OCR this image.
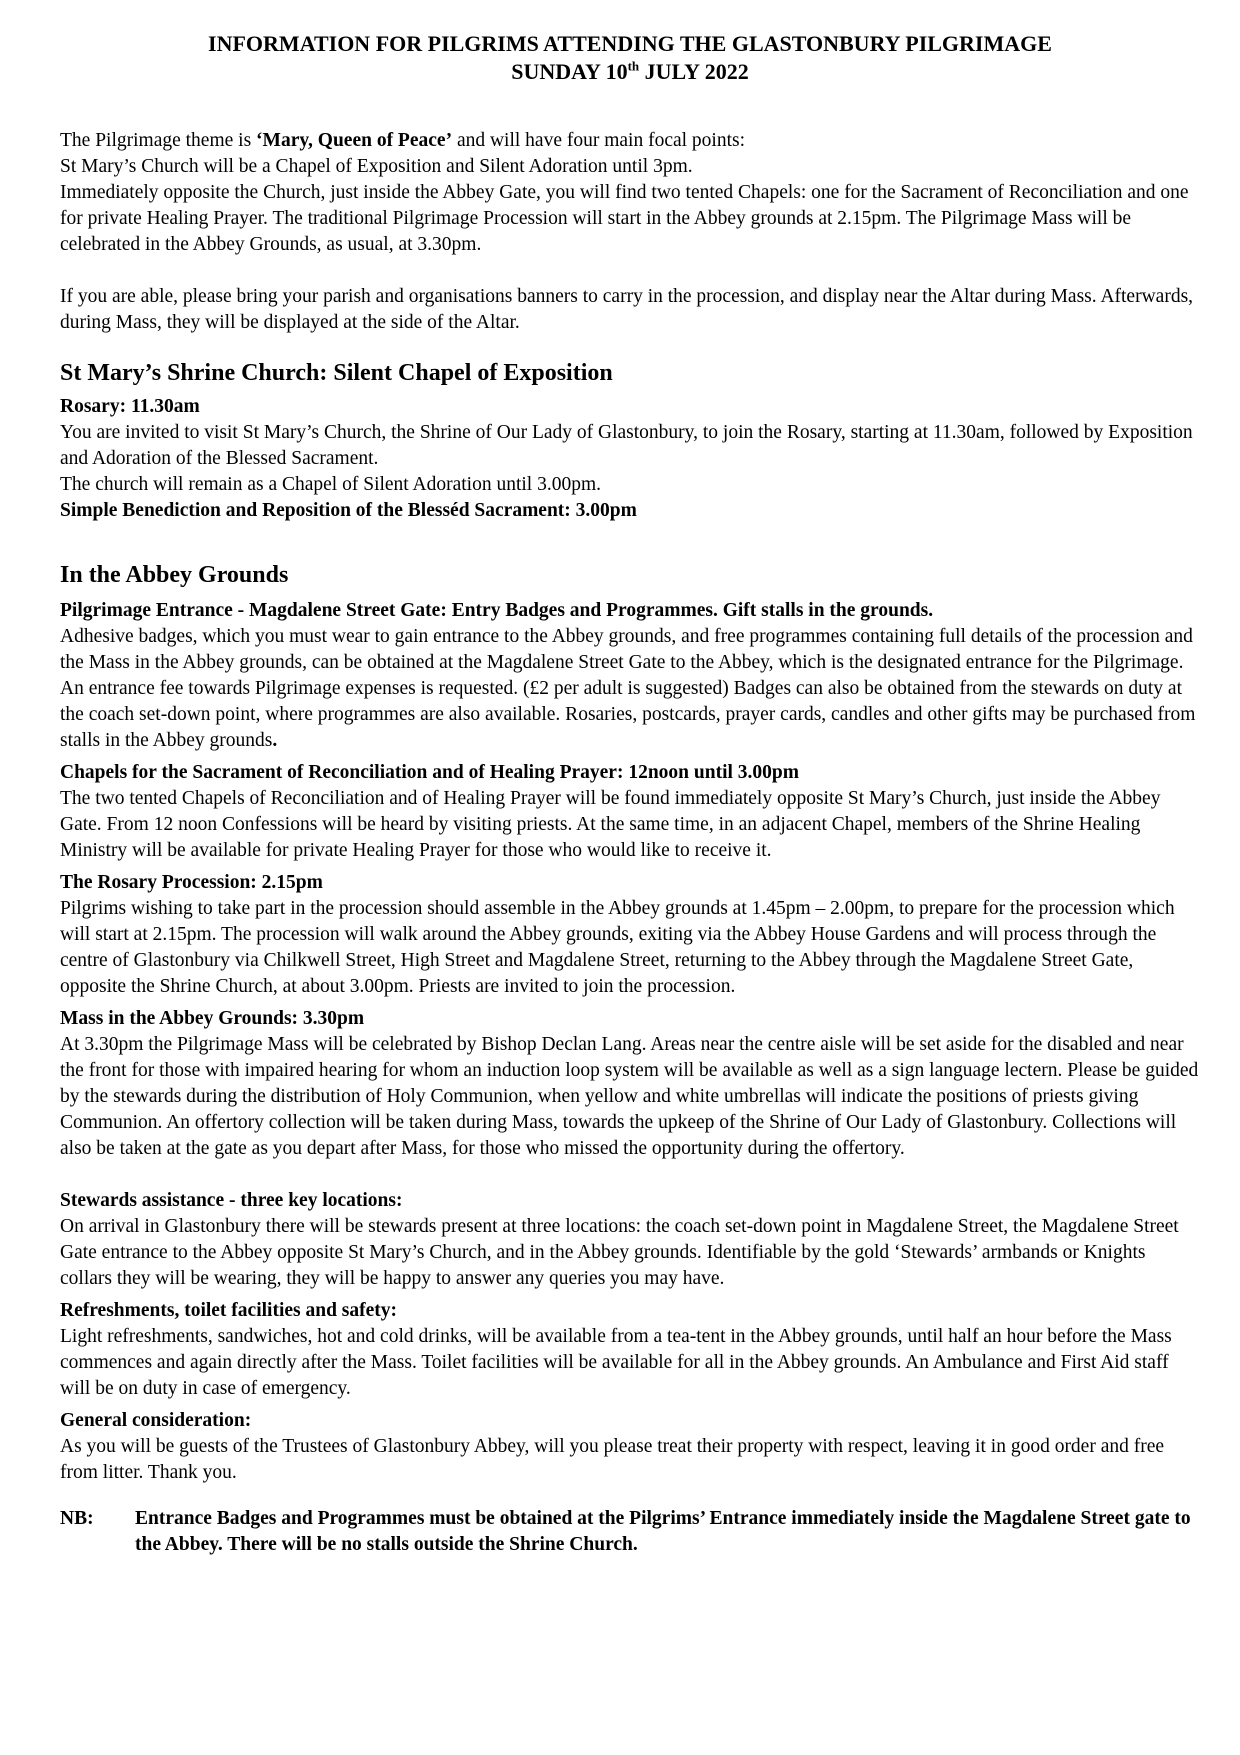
INFORMATION FOR PILGRIMS ATTENDING THE GLASTONBURY PILGRIMAGE
SUNDAY 10th JULY 2022

The Pilgrimage theme is ‘Mary, Queen of Peace’ and will have four main focal points:

St Mary’s Church will be a Chapel of Exposition and Silent Adoration until 3pm.

Immediately opposite the Church, just inside the Abbey Gate, you will find two tented Chapels: one for the Sacrament of Reconciliation and one for private Healing Prayer. The traditional Pilgrimage Procession will start in the Abbey grounds at 2.15pm. The Pilgrimage Mass will be celebrated in the Abbey Grounds, as usual, at 3.30pm.

If you are able, please bring your parish and organisations banners to carry in the procession, and display near the Altar during Mass. Afterwards, during Mass, they will be displayed at the side of the Altar.

St Mary’s Shrine Church: Silent Chapel of Exposition

Rosary: 11.30am

You are invited to visit St Mary’s Church, the Shrine of Our Lady of Glastonbury, to join the Rosary, starting at 11.30am, followed by Exposition and Adoration of the Blessed Sacrament.

The church will remain as a Chapel of Silent Adoration until 3.00pm.

Simple Benediction and Reposition of the Blesséd Sacrament: 3.00pm

In the Abbey Grounds

Pilgrimage Entrance - Magdalene Street Gate: Entry Badges and Programmes. Gift stalls in the grounds.

Adhesive badges, which you must wear to gain entrance to the Abbey grounds, and free programmes containing full details of the procession and the Mass in the Abbey grounds, can be obtained at the Magdalene Street Gate to the Abbey, which is the designated entrance for the Pilgrimage. An entrance fee towards Pilgrimage expenses is requested. (£2 per adult is suggested) Badges can also be obtained from the stewards on duty at the coach set-down point, where programmes are also available. Rosaries, postcards, prayer cards, candles and other gifts may be purchased from stalls in the Abbey grounds.

Chapels for the Sacrament of Reconciliation and of Healing Prayer: 12noon until 3.00pm

The two tented Chapels of Reconciliation and of Healing Prayer will be found immediately opposite St Mary’s Church, just inside the Abbey Gate. From 12 noon Confessions will be heard by visiting priests. At the same time, in an adjacent Chapel, members of the Shrine Healing Ministry will be available for private Healing Prayer for those who would like to receive it.

The Rosary Procession: 2.15pm

Pilgrims wishing to take part in the procession should assemble in the Abbey grounds at 1.45pm – 2.00pm, to prepare for the procession which will start at 2.15pm. The procession will walk around the Abbey grounds, exiting via the Abbey House Gardens and will process through the centre of Glastonbury via Chilkwell Street, High Street and Magdalene Street, returning to the Abbey through the Magdalene Street Gate, opposite the Shrine Church, at about 3.00pm. Priests are invited to join the procession.

Mass in the Abbey Grounds: 3.30pm

At 3.30pm the Pilgrimage Mass will be celebrated by Bishop Declan Lang. Areas near the centre aisle will be set aside for the disabled and near the front for those with impaired hearing for whom an induction loop system will be available as well as a sign language lectern. Please be guided by the stewards during the distribution of Holy Communion, when yellow and white umbrellas will indicate the positions of priests giving Communion. An offertory collection will be taken during Mass, towards the upkeep of the Shrine of Our Lady of Glastonbury. Collections will also be taken at the gate as you depart after Mass, for those who missed the opportunity during the offertory.

Stewards assistance - three key locations:

On arrival in Glastonbury there will be stewards present at three locations: the coach set-down point in Magdalene Street, the Magdalene Street Gate entrance to the Abbey opposite St Mary’s Church, and in the Abbey grounds. Identifiable by the gold ‘Stewards’ armbands or Knights collars they will be wearing, they will be happy to answer any queries you may have.

Refreshments, toilet facilities and safety:

Light refreshments, sandwiches, hot and cold drinks, will be available from a tea-tent in the Abbey grounds, until half an hour before the Mass commences and again directly after the Mass. Toilet facilities will be available for all in the Abbey grounds. An Ambulance and First Aid staff will be on duty in case of emergency.

General consideration:

As you will be guests of the Trustees of Glastonbury Abbey, will you please treat their property with respect, leaving it in good order and free from litter. Thank you.

NB:	Entrance Badges and Programmes must be obtained at the Pilgrims’ Entrance immediately inside the Magdalene Street gate to the Abbey. There will be no stalls outside the Shrine Church.
